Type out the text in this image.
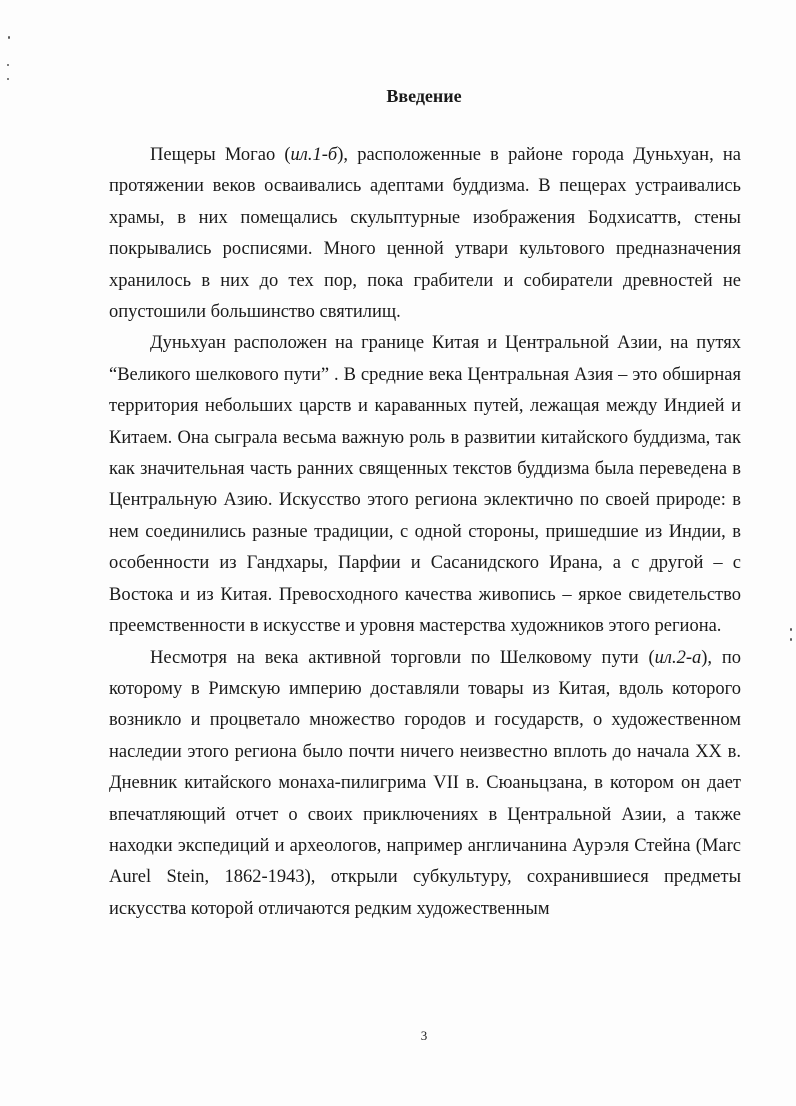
Введение

Пещеры Могао (ил.1-б), расположенные в районе города Дуньхуан, на протяжении веков осваивались адептами буддизма. В пещерах устраивались храмы, в них помещались скульптурные изображения Бодхисаттв, стены покрывались росписями. Много ценной утвари культового предназначения хранилось в них до тех пор, пока грабители и собиратели древностей не опустошили большинство святилищ.

Дуньхуан расположен на границе Китая и Центральной Азии, на путях “Великого шелкового пути” . В средние века Центральная Азия – это обширная территория небольших царств и караванных путей, лежащая между Индией и Китаем. Она сыграла весьма важную роль в развитии китайского буддизма, так как значительная часть ранних священных текстов буддизма была переведена в Центральную Азию. Искусство этого региона эклектично по своей природе: в нем соединились разные традиции, с одной стороны, пришедшие из Индии, в особенности из Гандхары, Парфии и Сасанидского Ирана, а с другой – с Востока и из Китая. Превосходного качества живопись – яркое свидетельство преемственности в искусстве и уровня мастерства художников этого региона.

Несмотря на века активной торговли по Шелковому пути (ил.2-а), по которому в Римскую империю доставляли товары из Китая, вдоль которого возникло и процветало множество городов и государств, о художественном наследии этого региона было почти ничего неизвестно вплоть до начала XX в. Дневник китайского монаха-пилигрима VII в. Сюаньцзана, в котором он дает впечатляющий отчет о своих приключениях в Центральной Азии, а также находки экспедиций и археологов, например англичанина Аурэля Стейна (Marc Aurel Stein, 1862-1943), открыли субкультуру, сохранившиеся предметы искусства которой отличаются редким художественным

3
